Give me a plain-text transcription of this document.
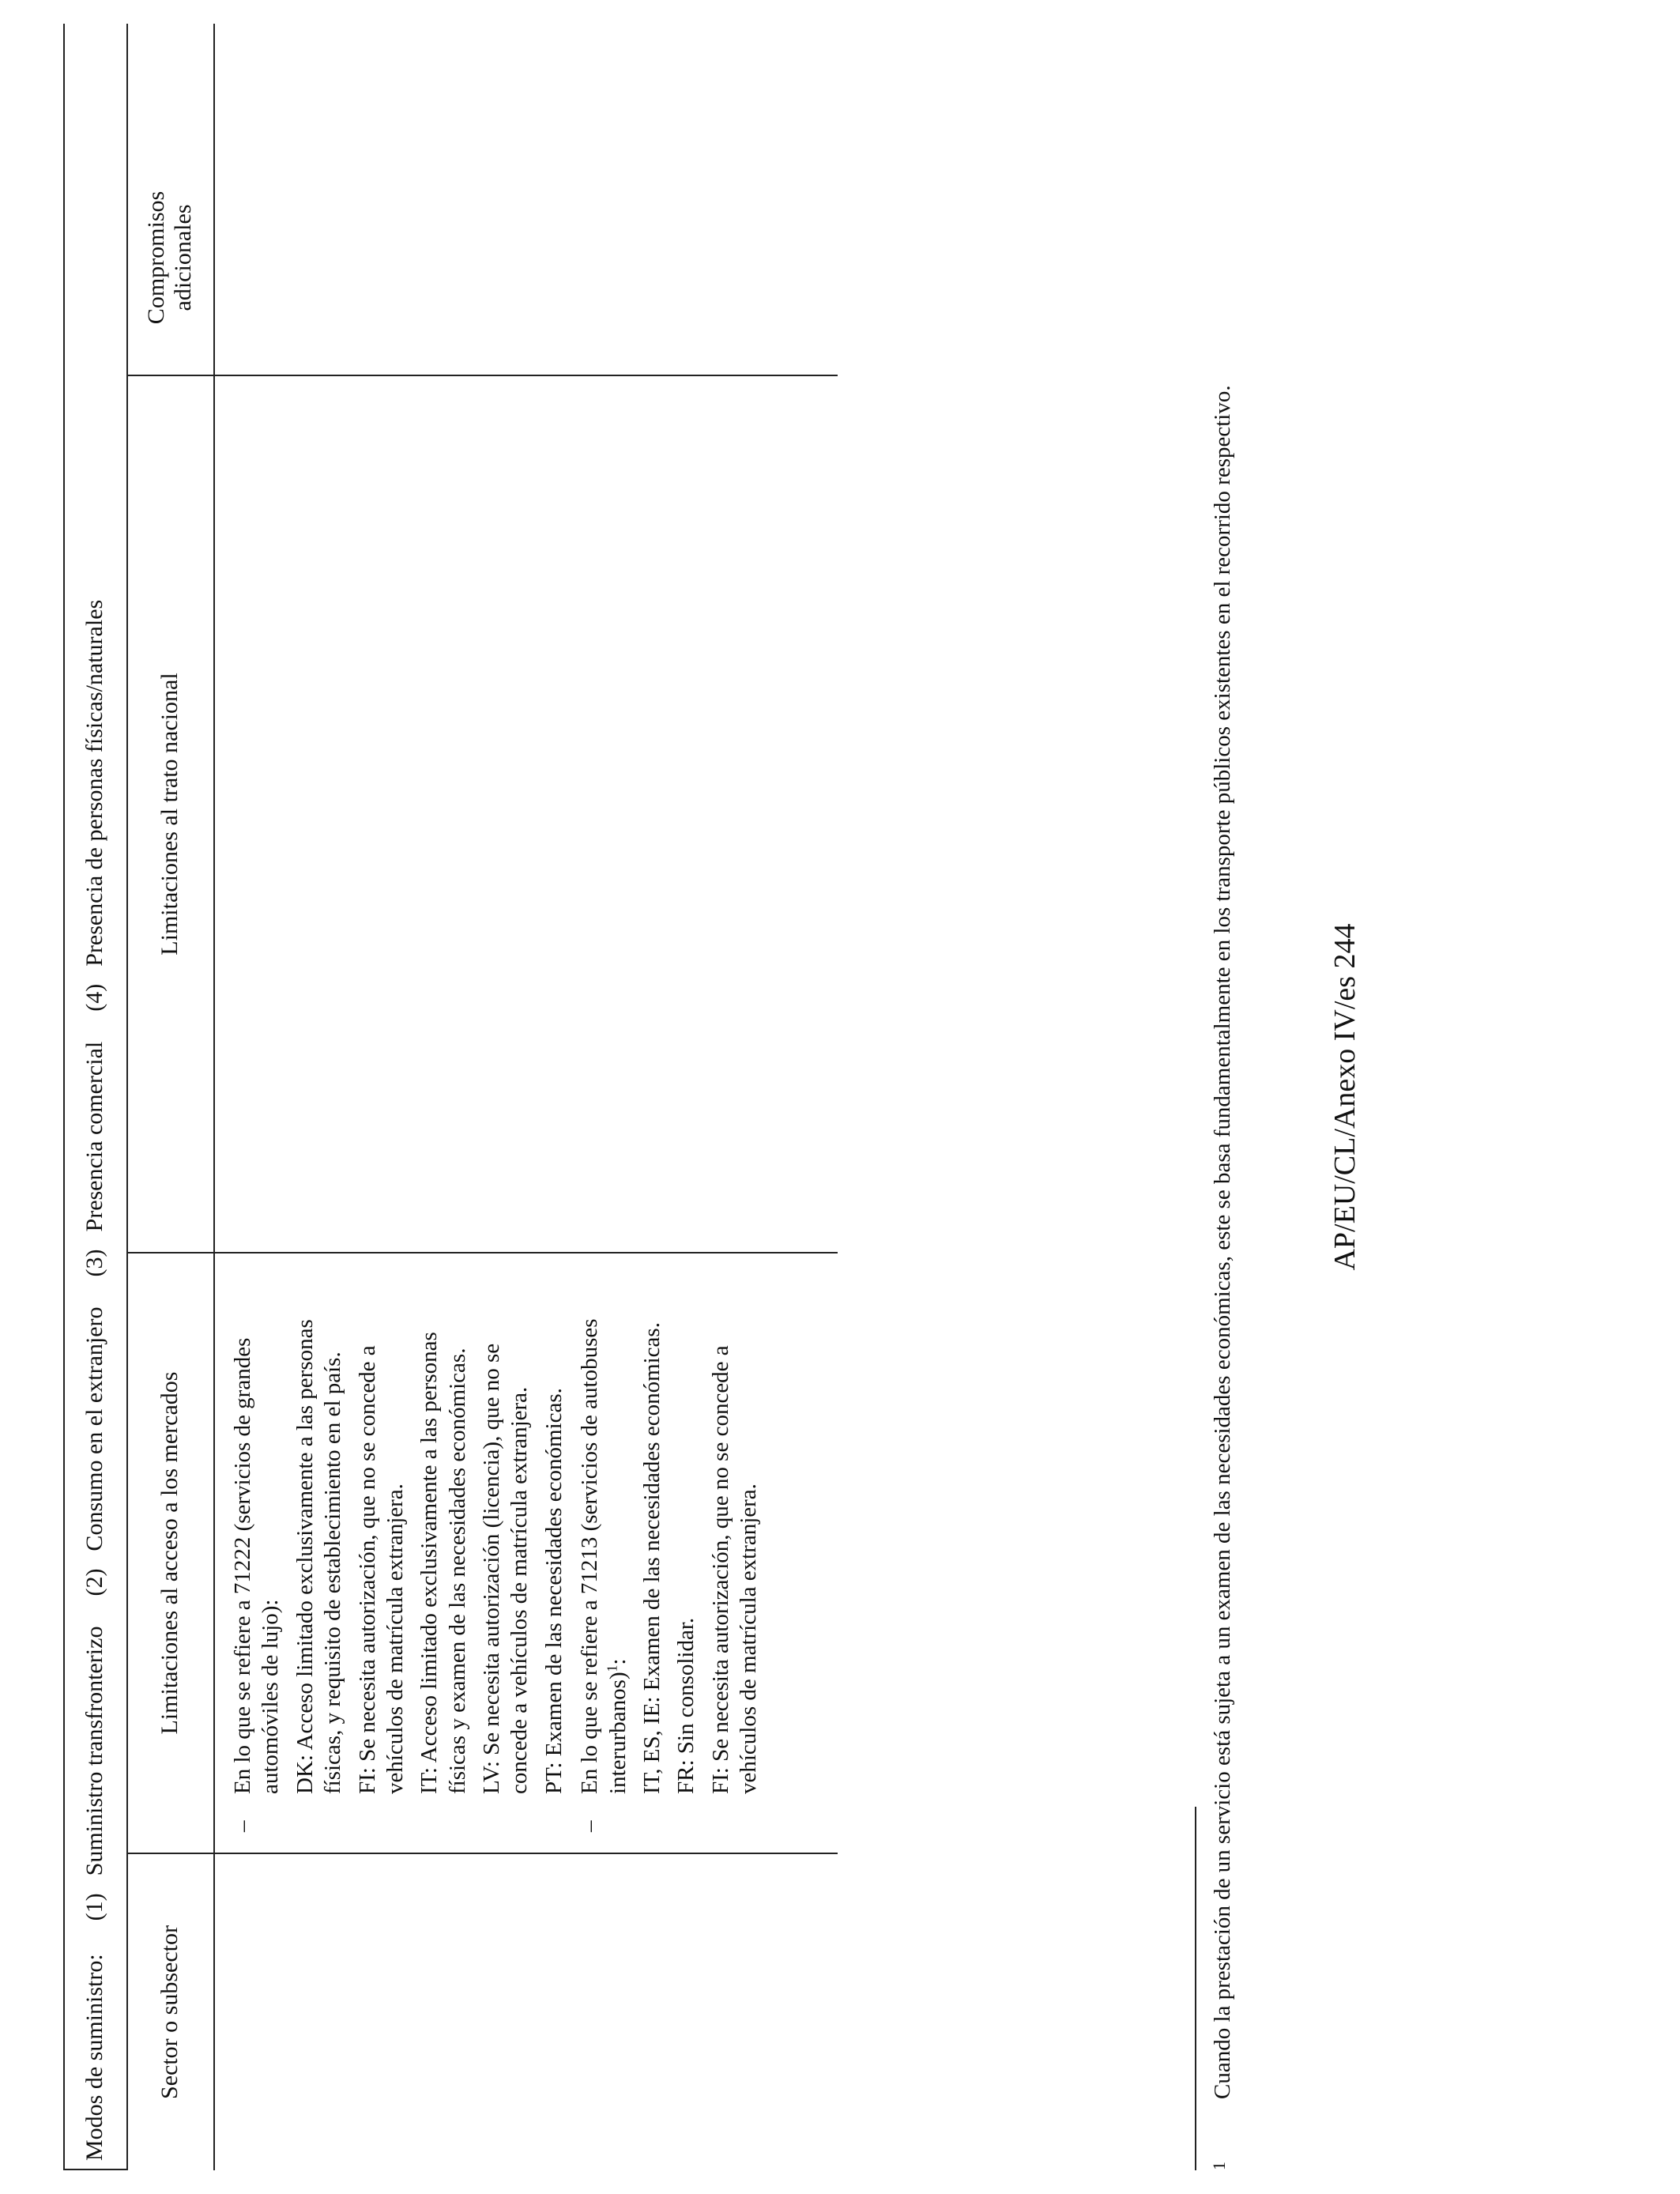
Modos de suministro:
(1)
Suministro transfronterizo
(2)
Consumo en el extranjero
(3)
Presencia comercial
(4)
Presencia de personas físicas/naturales
Sector o subsector
Limitaciones al acceso a los mercados
Limitaciones al trato nacional
Compromisos adicionales
–
En lo que se refiere a 71222 (servicios de grandes automóviles de lujo): DK: Acceso limitado exclusivamente a las personas físicas, y requisito de establecimiento en el país. FI: Se necesita autorización, que no se concede a vehículos de matrícula extranjera. IT: Acceso limitado exclusivamente a las personas físicas y examen de las necesidades económicas. LV: Se necesita autorización (licencia), que no se concede a vehículos de matrícula extranjera. PT: Examen de las necesidades económicas.
–
En lo que se refiere a 71213 (servicios de autobuses interurbanos)$^1$: IT, ES, IE: Examen de las necesidades económicas. FR: Sin consolidar. FI: Se necesita autorización, que no se concede a vehículos de matrícula extranjera.
1
Cuando la prestación de un servicio está sujeta a un examen de las necesidades económicas, este se basa fundamentalmente en los transporte públicos existentes en el recorrido respectivo.	AP/EU/CL/Anexo IV/es 244
